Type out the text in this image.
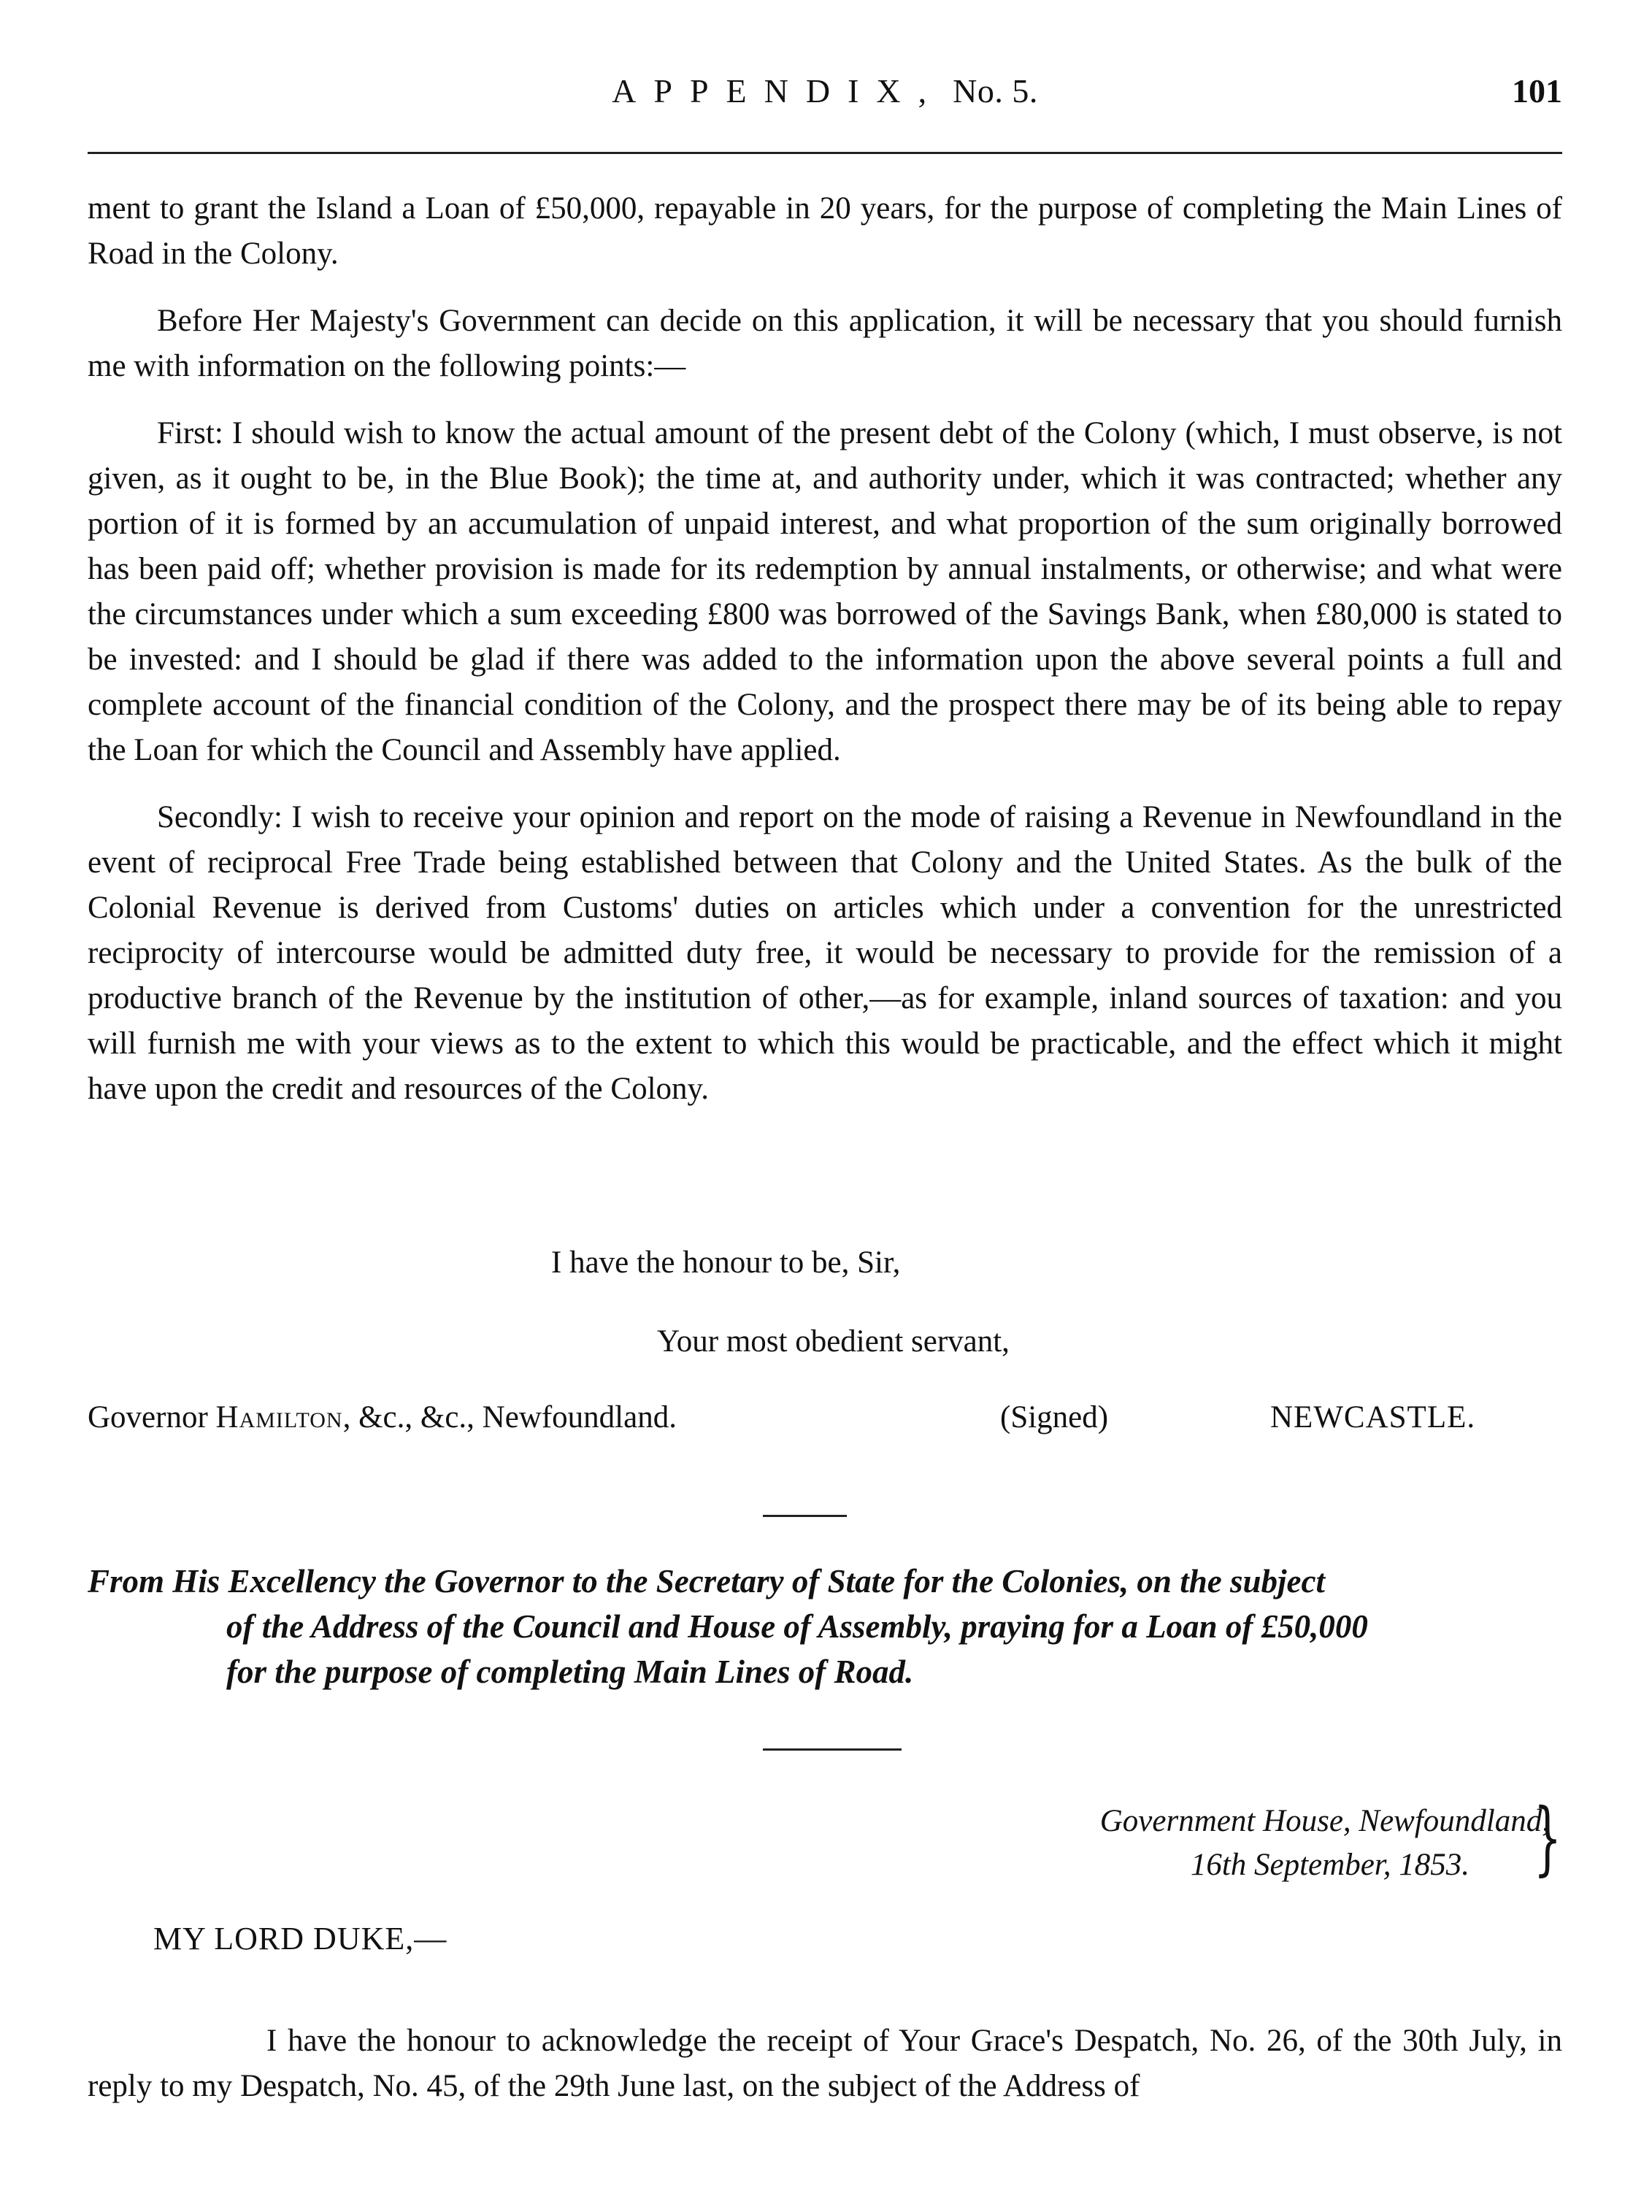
APPENDIX, No. 5.	101

ment to grant the Island a Loan of £50,000, repayable in 20 years, for the purpose of completing the Main Lines of Road in the Colony.

Before Her Majesty's Government can decide on this application, it will be necessary that you should furnish me with information on the following points:—

First: I should wish to know the actual amount of the present debt of the Colony (which, I must observe, is not given, as it ought to be, in the Blue Book); the time at, and authority under, which it was contracted; whether any portion of it is formed by an accumulation of unpaid interest, and what proportion of the sum originally borrowed has been paid off; whether provision is made for its redemption by annual instalments, or otherwise; and what were the circumstances under which a sum exceeding £800 was borrowed of the Savings Bank, when £80,000 is stated to be invested: and I should be glad if there was added to the information upon the above several points a full and complete account of the financial condition of the Colony, and the prospect there may be of its being able to repay the Loan for which the Council and Assembly have applied.

Secondly: I wish to receive your opinion and report on the mode of raising a Revenue in Newfoundland in the event of reciprocal Free Trade being established between that Colony and the United States. As the bulk of the Colonial Revenue is derived from Customs' duties on articles which under a convention for the unrestricted reciprocity of intercourse would be admitted duty free, it would be necessary to provide for the remission of a productive branch of the Revenue by the institution of other,—as for example, inland sources of taxation: and you will furnish me with your views as to the extent to which this would be practicable, and the effect which it might have upon the credit and resources of the Colony.

I have the honour to be, Sir,
Your most obedient servant,
Governor Hamilton, &c., &c., Newfoundland.	(Signed)	NEWCASTLE.
From His Excellency the Governor to the Secretary of State for the Colonies, on the subject
of the Address of the Council and House of Assembly, praying for a Loan of £50,000
for the purpose of completing Main Lines of Road.
Government House, Newfoundland,
16th September, 1853. }
MY LORD DUKE,—

I have the honour to acknowledge the receipt of Your Grace's Despatch, No. 26, of the 30th July, in reply to my Despatch, No. 45, of the 29th June last, on the subject of the Address of
